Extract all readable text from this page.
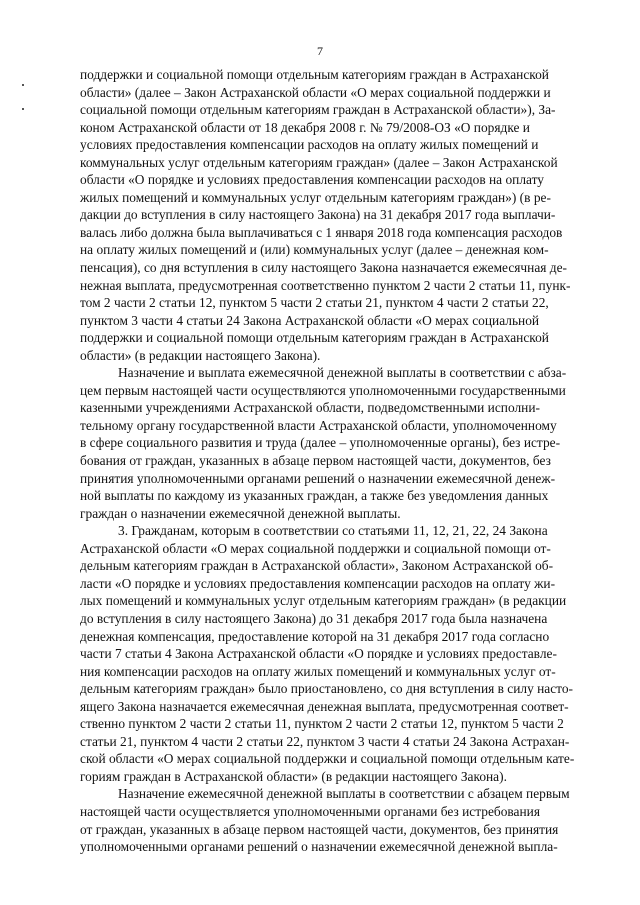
7

поддержки и социальной помощи отдельным категориям граждан в Астраханской
области» (далее – Закон Астраханской области «О мерах социальной поддержки и
социальной помощи отдельным категориям граждан в Астраханской области»), За-
коном Астраханской области от 18 декабря 2008 г. № 79/2008-ОЗ «О порядке и
условиях предоставления компенсации расходов на оплату жилых помещений и
коммунальных услуг отдельным категориям граждан» (далее – Закон Астраханской
области «О порядке и условиях предоставления компенсации расходов на оплату
жилых помещений и коммунальных услуг отдельным категориям граждан») (в ре-
дакции до вступления в силу настоящего Закона) на 31 декабря 2017 года выплачи-
валась либо должна была выплачиваться с 1 января 2018 года компенсация расходов
на оплату жилых помещений и (или) коммунальных услуг (далее – денежная ком-
пенсация), со дня вступления в силу настоящего Закона назначается ежемесячная де-
нежная выплата, предусмотренная соответственно пунктом 2 части 2 статьи 11, пунк-
том 2 части 2 статьи 12, пунктом 5 части 2 статьи 21, пунктом 4 части 2 статьи 22,
пунктом 3 части 4 статьи 24 Закона Астраханской области «О мерах социальной
поддержки и социальной помощи отдельным категориям граждан в Астраханской
области» (в редакции настоящего Закона).

Назначение и выплата ежемесячной денежной выплаты в соответствии с абза-
цем первым настоящей части осуществляются уполномоченными государственными
казенными учреждениями Астраханской области, подведомственными исполни-
тельному органу государственной власти Астраханской области, уполномоченному
в сфере социального развития и труда (далее – уполномоченные органы), без истре-
бования от граждан, указанных в абзаце первом настоящей части, документов, без
принятия уполномоченными органами решений о назначении ежемесячной денеж-
ной выплаты по каждому из указанных граждан, а также без уведомления данных
граждан о назначении ежемесячной денежной выплаты.

3. Гражданам, которым в соответствии со статьями 11, 12, 21, 22, 24 Закона
Астраханской области «О мерах социальной поддержки и социальной помощи от-
дельным категориям граждан в Астраханской области», Законом Астраханской об-
ласти «О порядке и условиях предоставления компенсации расходов на оплату жи-
лых помещений и коммунальных услуг отдельным категориям граждан» (в редакции
до вступления в силу настоящего Закона) до 31 декабря 2017 года была назначена
денежная компенсация, предоставление которой на 31 декабря 2017 года согласно
части 7 статьи 4 Закона Астраханской области «О порядке и условиях предоставле-
ния компенсации расходов на оплату жилых помещений и коммунальных услуг от-
дельным категориям граждан» было приостановлено, со дня вступления в силу насто-
ящего Закона назначается ежемесячная денежная выплата, предусмотренная соответ-
ственно пунктом 2 части 2 статьи 11, пунктом 2 части 2 статьи 12, пунктом 5 части 2
статьи 21, пунктом 4 части 2 статьи 22, пунктом 3 части 4 статьи 24 Закона Астрахан-
ской области «О мерах социальной поддержки и социальной помощи отдельным кате-
гориям граждан в Астраханской области» (в редакции настоящего Закона).

Назначение ежемесячной денежной выплаты в соответствии с абзацем первым
настоящей части осуществляется уполномоченными органами без истребования
от граждан, указанных в абзаце первом настоящей части, документов, без принятия
уполномоченными органами решений о назначении ежемесячной денежной выпла-
